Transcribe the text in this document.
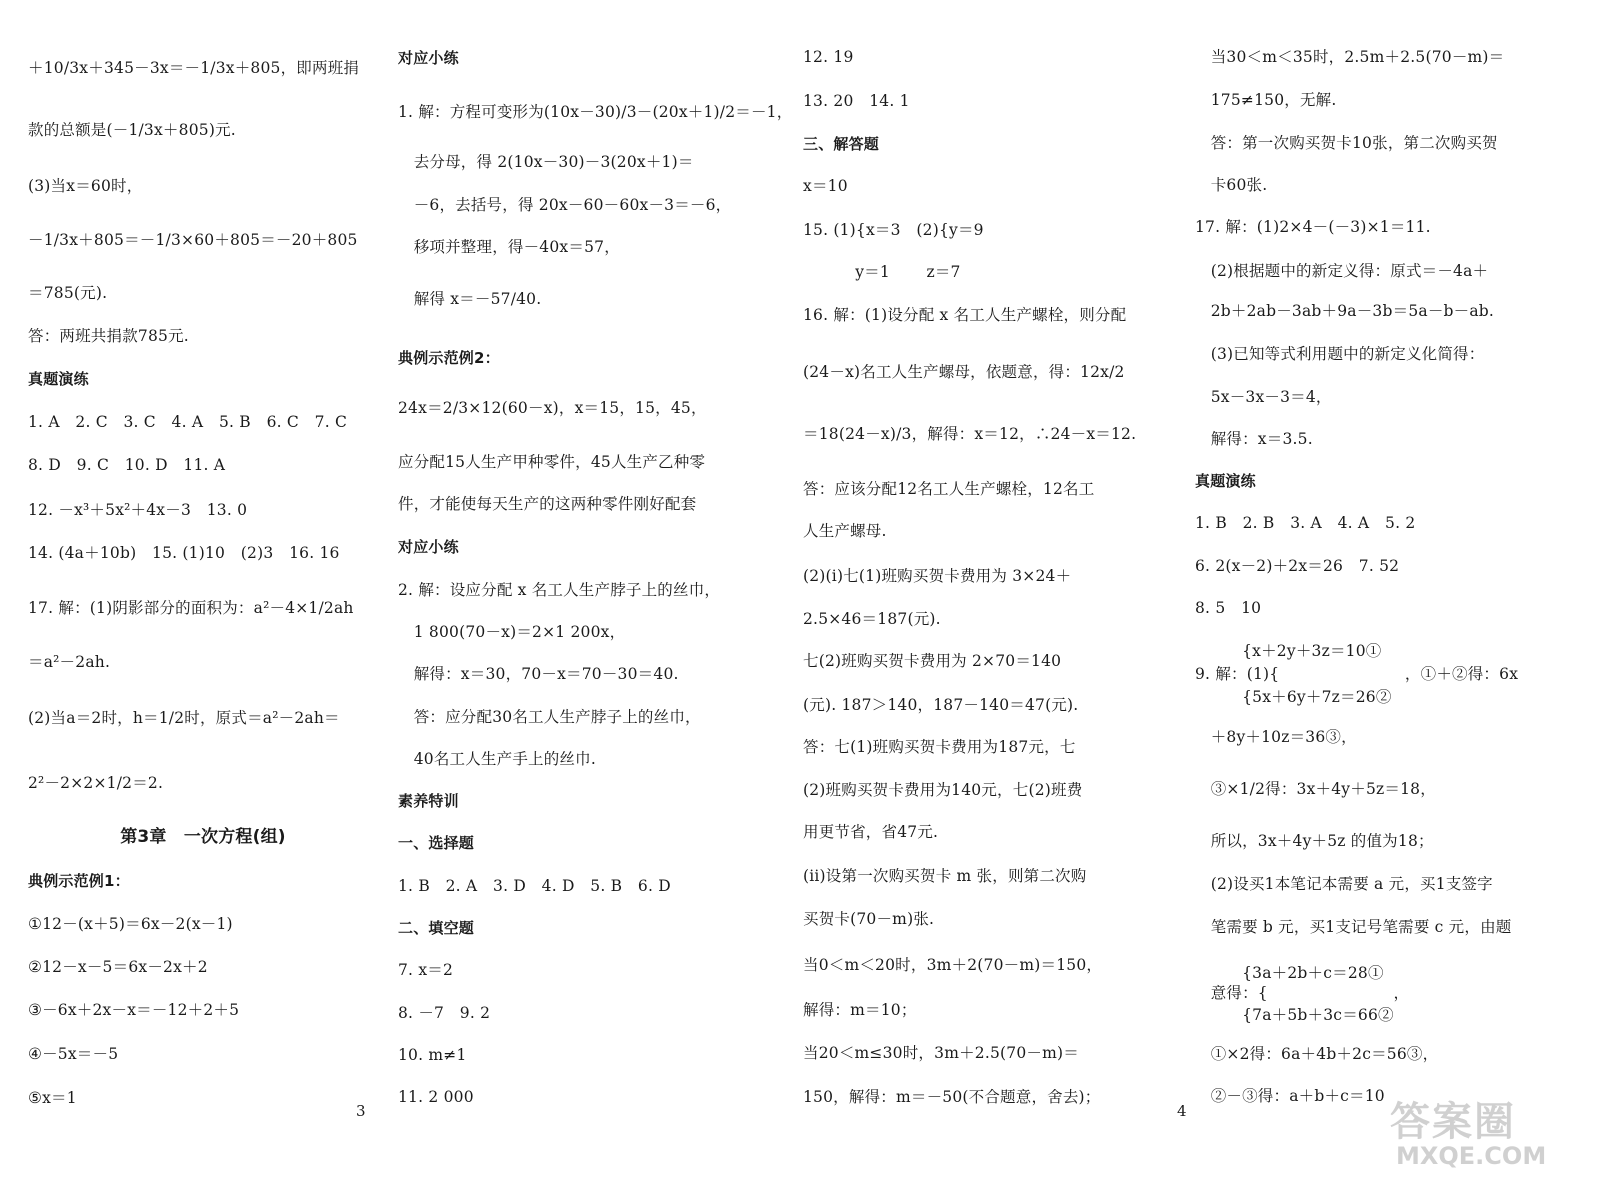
＋10/3x＋345－3x＝－1/3x＋805，即两班捐
款的总额是(－1/3x＋805)元.
(3)当x＝60时，
－1/3x＋805＝－1/3×60＋805＝－20＋805
＝785(元).
答：两班共捐款785元.
真题演练
1. A　2. C　3. C　4. A　5. B　6. C　7. C
8. D　9. C　10. D　11. A
12. －x³＋5x²＋4x－3　13. 0
14. (4a＋10b)　15. (1)10　(2)3　16. 16
17. 解：(1)阴影部分的面积为：a²－4×1/2ah
＝a²－2ah.
(2)当a＝2时，h＝1/2时，原式＝a²－2ah＝
2²－2×2×1/2＝2.
第3章　一次方程(组)
典例示范例1：
①12－(x＋5)＝6x－2(x－1)
②12－x－5＝6x－2x＋2
③－6x＋2x－x＝－12＋2＋5
④－5x＝－5
⑤x＝1
对应小练
1. 解：方程可变形为(10x－30)/3－(20x＋1)/2＝－1，
　去分母，得 2(10x－30)－3(20x＋1)＝
　－6，去括号，得 20x－60－60x－3＝－6，
　移项并整理，得－40x＝57，
　解得 x＝－57/40.
典例示范例2：
24x＝2/3×12(60－x)，x＝15，15，45，
应分配15人生产甲种零件，45人生产乙种零
件，才能使每天生产的这两种零件刚好配套
对应小练
2. 解：设应分配 x 名工人生产脖子上的丝巾，
　1 800(70－x)＝2×1 200x，
　解得：x＝30，70－x＝70－30＝40.
　答：应分配30名工人生产脖子上的丝巾，
　40名工人生产手上的丝巾.
素养特训
一、选择题
1. B　2. A　3. D　4. D　5. B　6. D
二、填空题
7. x＝2
8. －7　9. 2
10. m≠1
11. 2 000
12. 19
13. 20　14. 1
三、解答题
x＝10
15. (1){x＝3　(2){y＝9
　　　 y＝1　　 z＝7
16. 解：(1)设分配 x 名工人生产螺栓，则分配
(24－x)名工人生产螺母，依题意，得：12x/2
＝18(24－x)/3，解得：x＝12，∴24－x＝12.
答：应该分配12名工人生产螺栓，12名工
人生产螺母.
(2)(i)七(1)班购买贺卡费用为 3×24＋
2.5×46＝187(元).
七(2)班购买贺卡费用为 2×70＝140
(元). 187＞140，187－140＝47(元).
答：七(1)班购买贺卡费用为187元，七
(2)班购买贺卡费用为140元，七(2)班费
用更节省，省47元.
(ii)设第一次购买贺卡 m 张，则第二次购
买贺卡(70－m)张.
当0＜m＜20时，3m＋2(70－m)＝150，
解得：m＝10；
当20＜m≤30时，3m＋2.5(70－m)＝
150，解得：m＝－50(不合题意，舍去)；
　当30＜m＜35时，2.5m＋2.5(70－m)＝
　175≠150，无解.
　答：第一次购买贺卡10张，第二次购买贺
　卡60张.
17. 解：(1)2×4－(－3)×1＝11.
　(2)根据题中的新定义得：原式＝－4a＋
　2b＋2ab－3ab＋9a－3b＝5a－b－ab.
　(3)已知等式利用题中的新定义化简得：
　5x－3x－3＝4，
　解得：x＝3.5.
真题演练
1. B　2. B　3. A　4. A　5. 2
6. 2(x－2)＋2x＝26　7. 52
8. 5　10
　　　{x＋2y＋3z＝10①
9. 解：(1){　　　　　　　　，①＋②得：6x
　　　{5x＋6y＋7z＝26②
　＋8y＋10z＝36③，
　③×1/2得：3x＋4y＋5z＝18，
　所以，3x＋4y＋5z 的值为18；
　(2)设买1本笔记本需要 a 元，买1支签字
　笔需要 b 元，买1支记号笔需要 c 元，由题
　　　{3a＋2b＋c＝28①
　意得：{　　　　　　　　，
　　　{7a＋5b＋3c＝66②
　①×2得：6a＋4b＋2c＝56③，
　②－③得：a＋b＋c＝10
3	4	答案圈
MXQE.COM
